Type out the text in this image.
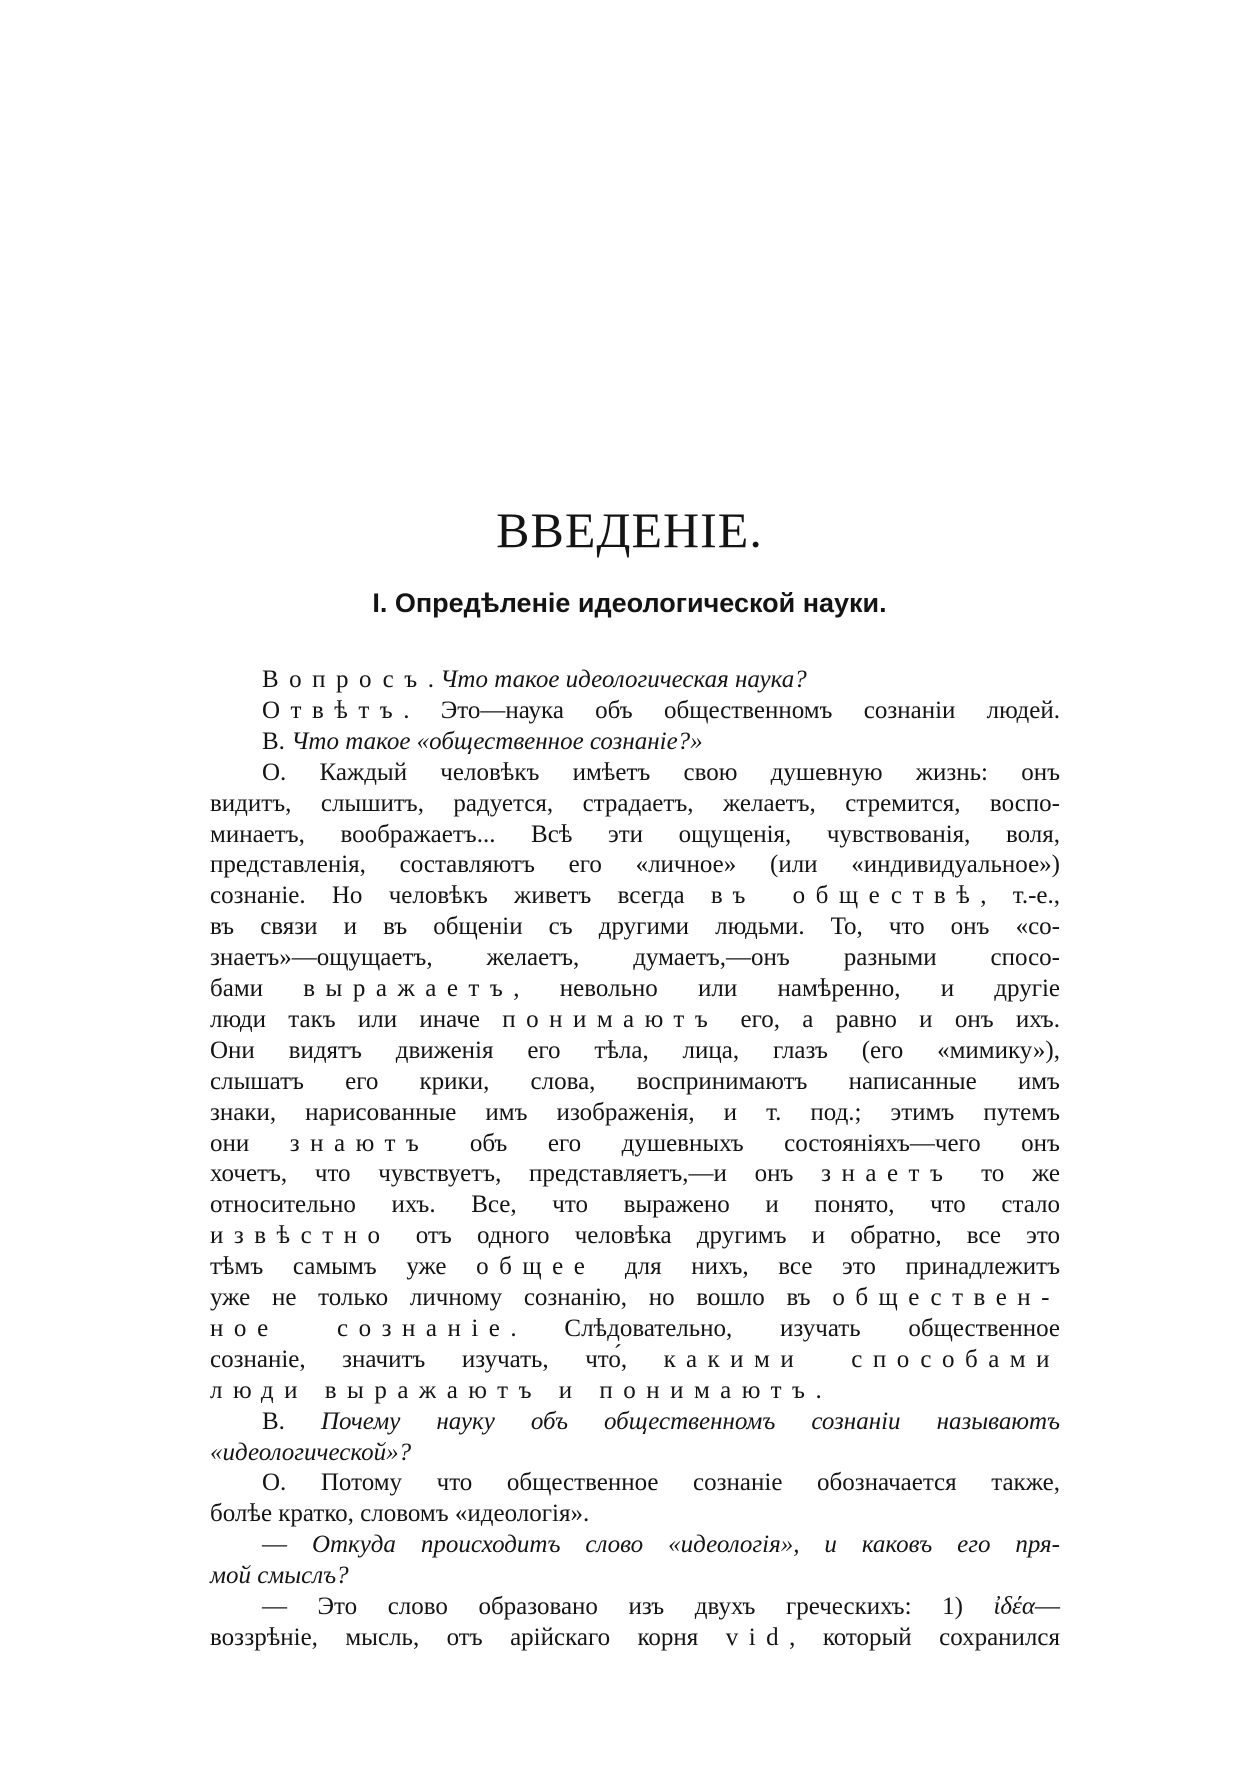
ВВЕДЕНІЕ.
I. Опредѣленіе идеологической науки.
Вопросъ. Что такое идеологическая наука?
Отвѣтъ. Это—наука объ общественномъ сознаніи людей.
В. Что такое «общественное сознаніе?»
О. Каждый человѣкъ имѣетъ свою душевную жизнь: онъ
видитъ, слышитъ, радуется, страдаетъ, желаетъ, стремится, воспо-
минаетъ, воображаетъ... Всѣ эти ощущенія, чувствованія, воля,
представленія, составляютъ его «личное» (или «индивидуальное»)
сознаніе. Но человѣкъ живетъ всегда въ обществѣ, т.-е.,
въ связи и въ общеніи съ другими людьми. То, что онъ «со-
знаетъ»—ощущаетъ, желаетъ, думаетъ,—онъ разными спосо-
бами выражаетъ, невольно или намѣренно, и другіе
люди такъ или иначе понимаютъ его, а равно и онъ ихъ.
Они видятъ движенія его тѣла, лица, глазъ (его «мимику»),
слышатъ его крики, слова, воспринимаютъ написанные имъ
знаки, нарисованные имъ изображенія, и т. под.; этимъ путемъ
они знаютъ объ его душевныхъ состояніяхъ—чего онъ
хочетъ, что чувствуетъ, представляетъ,—и онъ знаетъ то же
относительно ихъ. Все, что выражено и понято, что стало
извѣстно отъ одного человѣка другимъ и обратно, все это
тѣмъ самымъ уже общее для нихъ, все это принадлежитъ
уже не только личному сознанію, но вошло въ обществен-
ное сознаніе. Слѣдовательно, изучать общественное
сознаніе, значитъ изучать, что́, какими способами
люди выражаютъ и понимаютъ.
В. Почему науку объ общественномъ сознаніи называютъ
«идеологической»?
О. Потому что общественное сознаніе обозначается также,
болѣе кратко, словомъ «идеологія».
— Откуда происходитъ слово «идеологія», и каковъ его пря-
мой смыслъ?
— Это слово образовано изъ двухъ греческихъ: 1) ἰδέα—
воззрѣніе, мысль, отъ арійскаго корня vid, который сохранился
